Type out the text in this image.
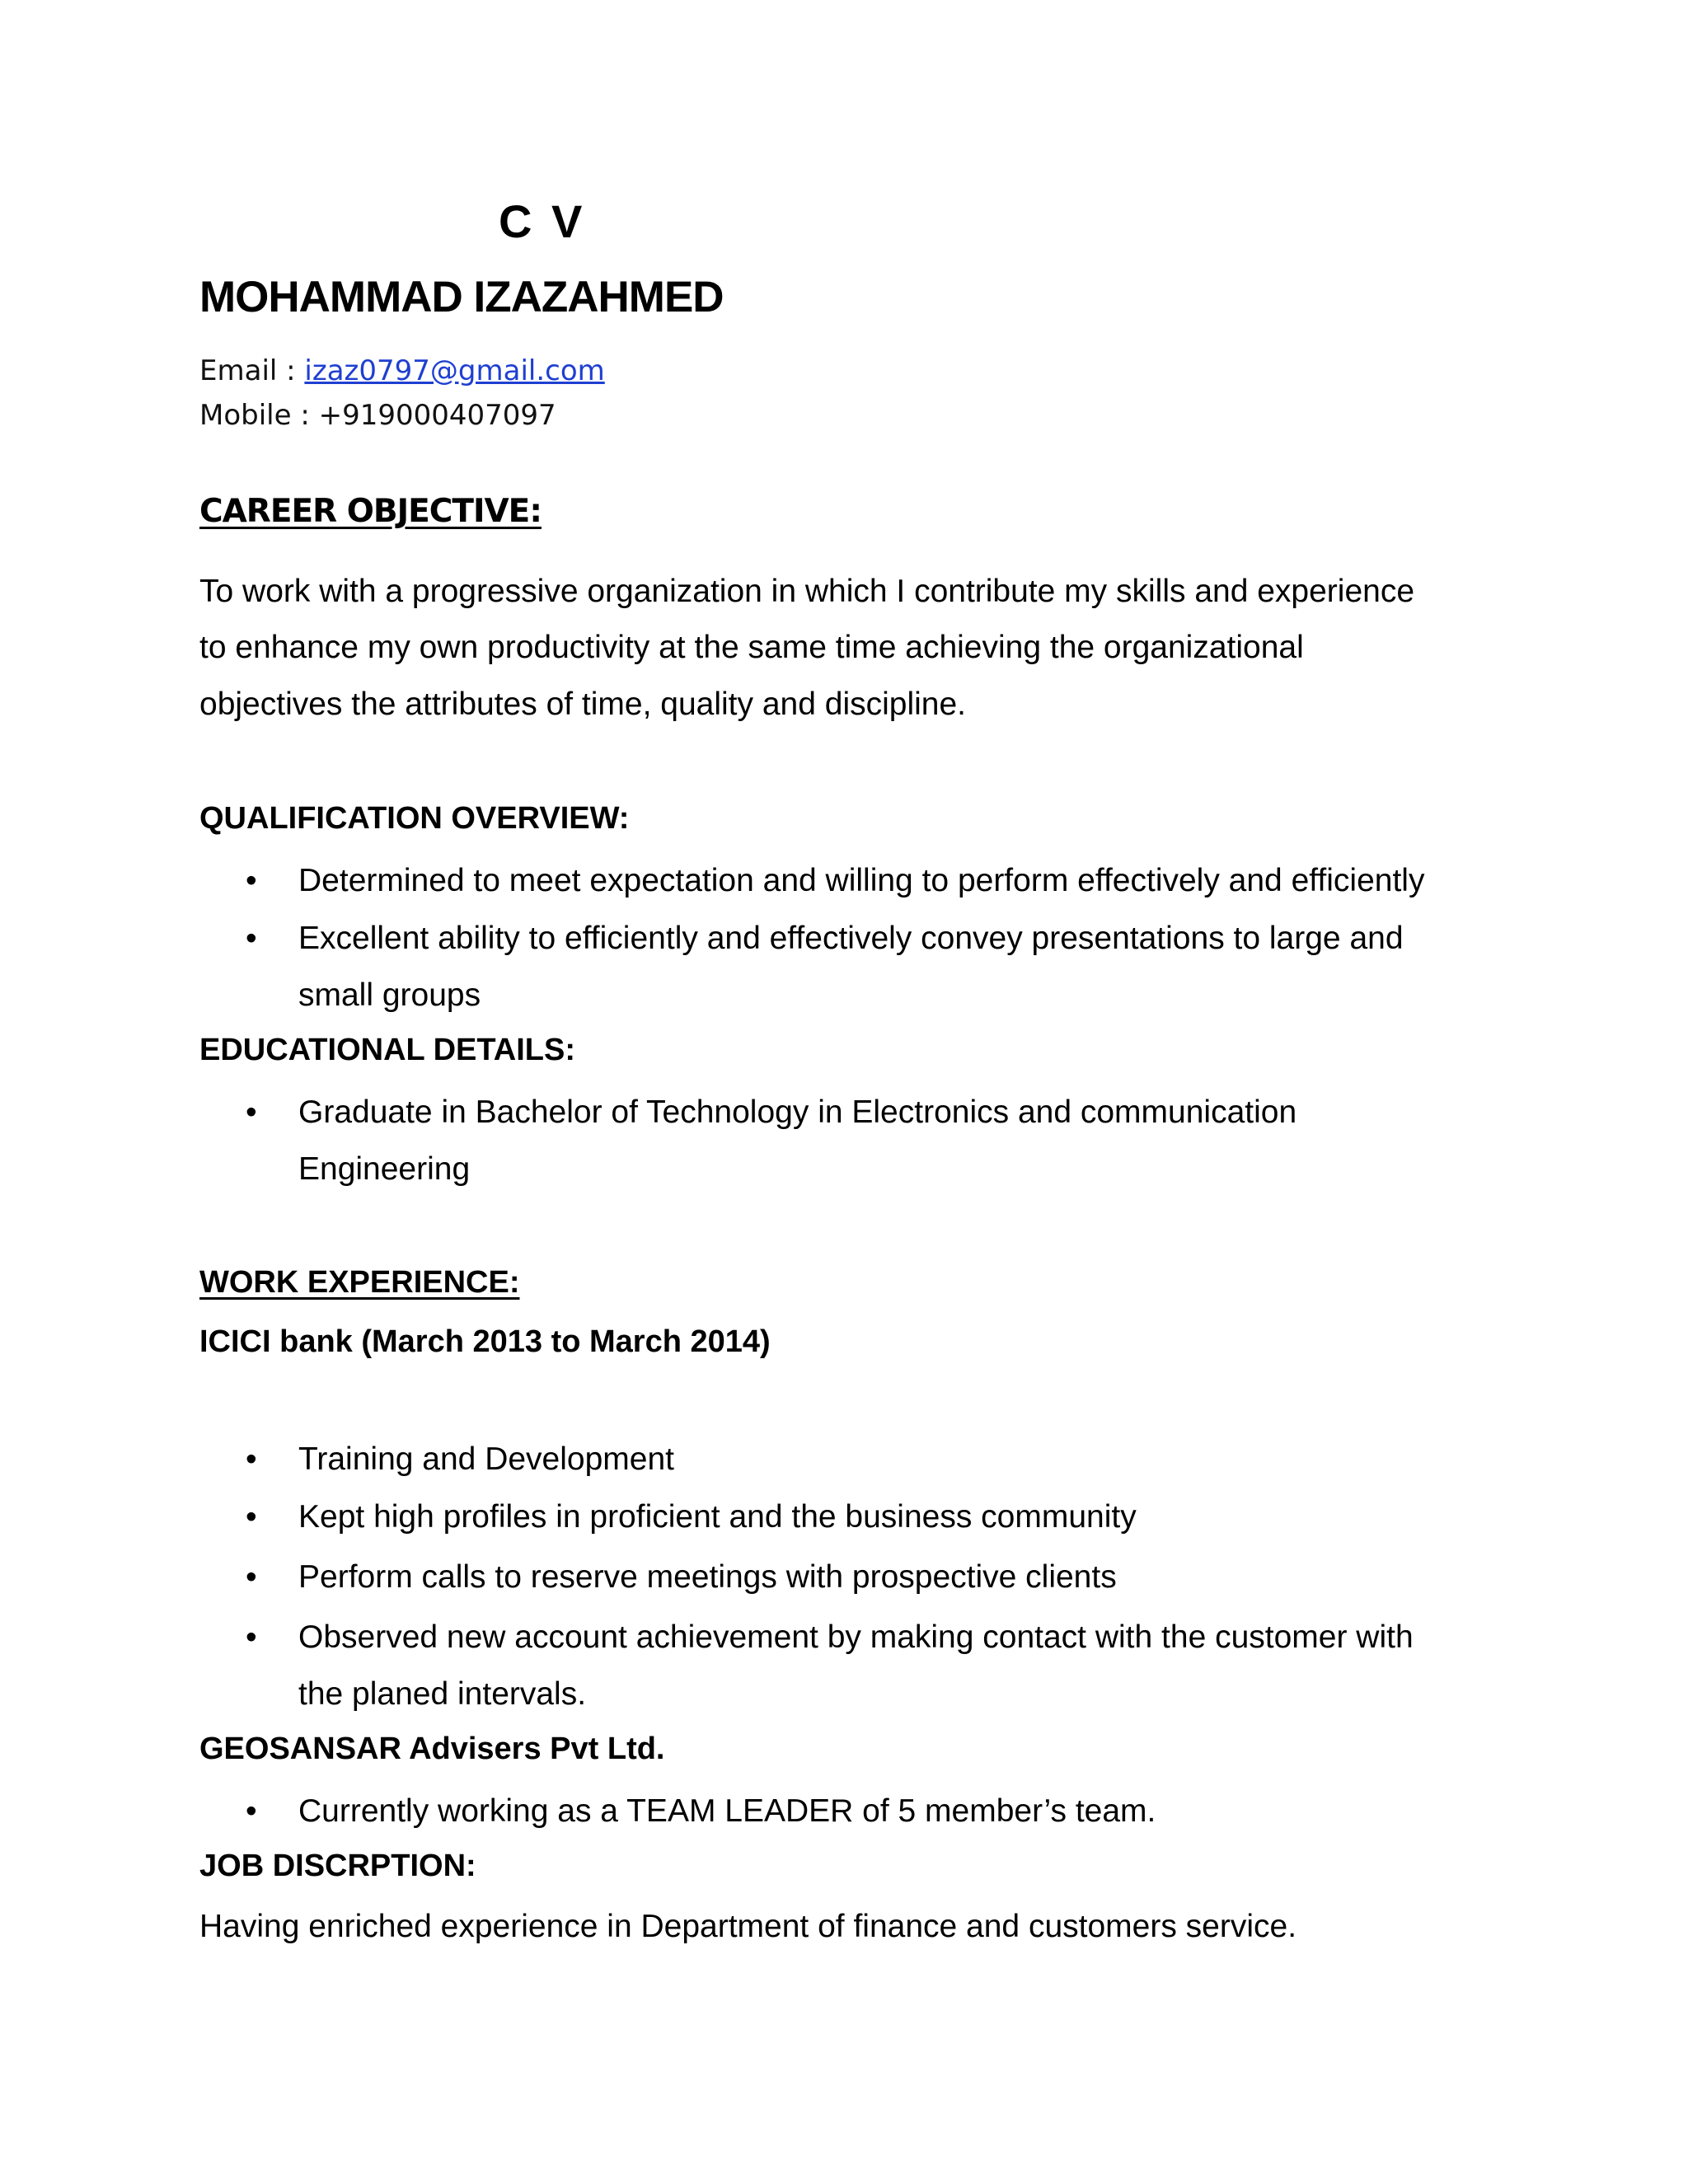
C V
MOHAMMAD IZAZAHMED
Email : izaz0797@gmail.com
Mobile : +919000407097
CAREER OBJECTIVE:
To work with a progressive organization in which I contribute my skills and experience
to enhance my own productivity at the same time achieving the organizational
objectives the attributes of time, quality and discipline.
QUALIFICATION OVERVIEW:
• Determined to meet expectation and willing to perform effectively and efficiently
• Excellent ability to efficiently and effectively convey presentations to large and
small groups
EDUCATIONAL DETAILS:
• Graduate in Bachelor of Technology in Electronics and communication
Engineering
WORK EXPERIENCE:
ICICI bank (March 2013 to March 2014)
• Training and Development
• Kept high profiles in proficient and the business community
• Perform calls to reserve meetings with prospective clients
• Observed new account achievement by making contact with the customer with
the planed intervals.
GEOSANSAR Advisers Pvt Ltd.
• Currently working as a TEAM LEADER of 5 member’s team.
JOB DISCRPTION:
Having enriched experience in Department of finance and customers service.
